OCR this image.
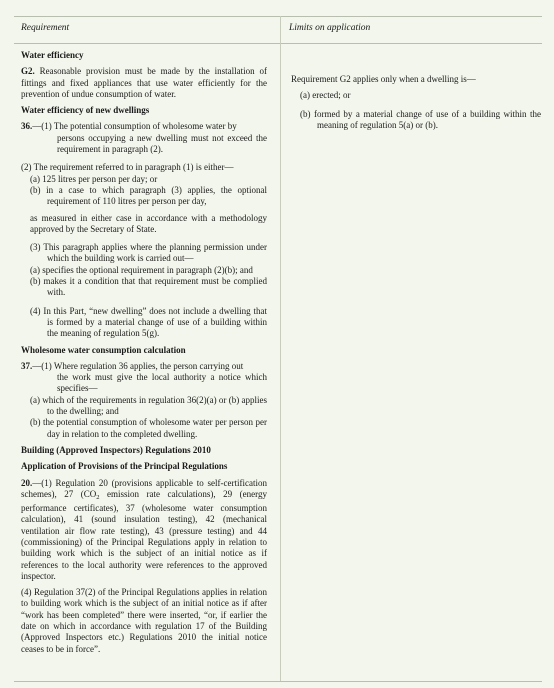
Requirement	Limits on application

Water efficiency

G2. Reasonable provision must be made by the installation of fittings and fixed appliances that use water efficiently for the prevention of undue consumption of water.

Water efficiency of new dwellings

36.—(1) The potential consumption of wholesome water by

persons occupying a new dwelling must not exceed the requirement in paragraph (2).

(2) The requirement referred to in paragraph (1) is either—

(a) 125 litres per person per day; or

(b) in a case to which paragraph (3) applies, the optional requirement of 110 litres per person per day,

as measured in either case in accordance with a methodology approved by the Secretary of State.

(3) This paragraph applies where the planning permission under which the building work is carried out—

(a) specifies the optional requirement in paragraph (2)(b); and

(b) makes it a condition that that requirement must be complied with.

(4) In this Part, “new dwelling” does not include a dwelling that is formed by a material change of use of a building within the meaning of regulation 5(g).

Wholesome water consumption calculation

37.—(1) Where regulation 36 applies, the person carrying out

the work must give the local authority a notice which specifies—

(a) which of the requirements in regulation 36(2)(a) or (b) applies to the dwelling; and

(b) the potential consumption of wholesome water per person per day in relation to the completed dwelling.

Building (Approved Inspectors) Regulations 2010

Application of Provisions of the Principal Regulations

20.—(1) Regulation 20 (provisions applicable to self-certification schemes), 27 ($CO_2$ emission rate calculations), 29 (energy performance certificates), 37 (wholesome water consumption calculation), 41 (sound insulation testing), 42 (mechanical ventilation air flow rate testing), 43 (pressure testing) and 44 (commissioning) of the Principal Regulations apply in relation to building work which is the subject of an initial notice as if references to the local authority were references to the approved inspector.

(4) Regulation 37(2) of the Principal Regulations applies in relation to building work which is the subject of an initial notice as if after “work has been completed” there were inserted, “or, if earlier the date on which in accordance with regulation 17 of the Building (Approved Inspectors etc.) Regulations 2010 the initial notice ceases to be in force”.

Requirement G2 applies only when a dwelling is—

(a) erected; or

(b) formed by a material change of use of a building within the meaning of regulation 5(a) or (b).
